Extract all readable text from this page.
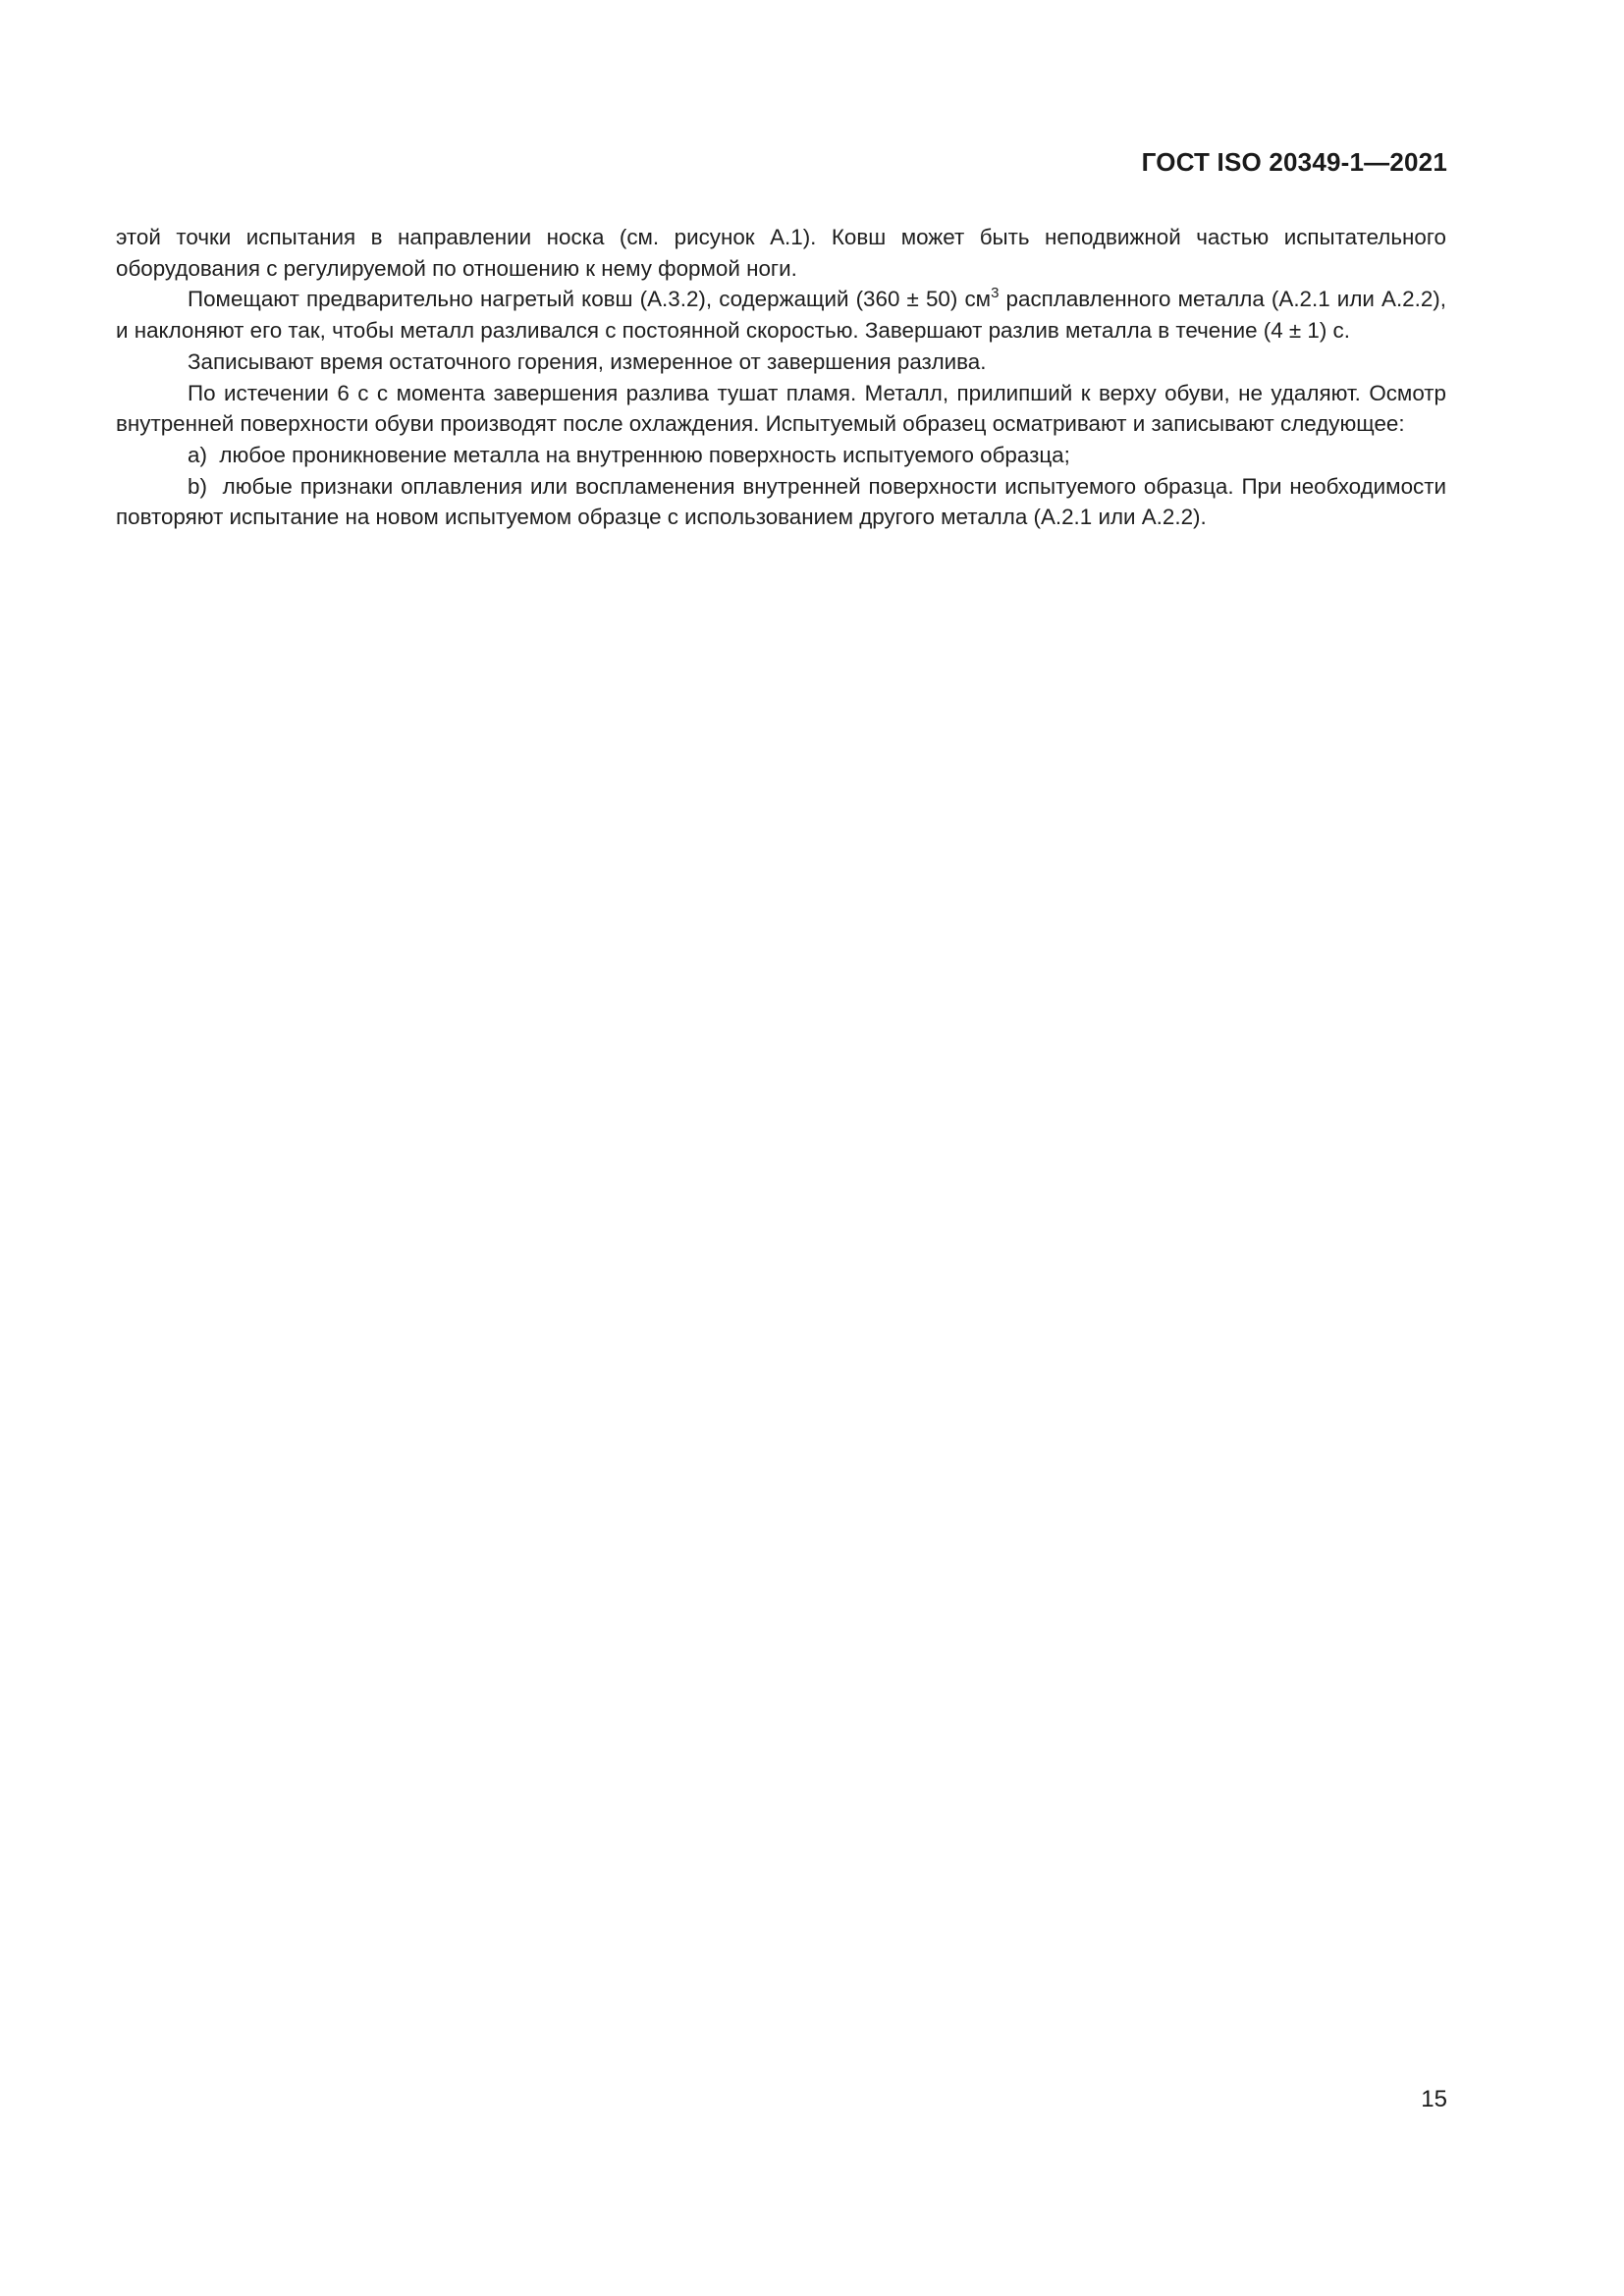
ГОСТ ISO 20349-1—2021

этой точки испытания в направлении носка (см. рисунок А.1). Ковш может быть неподвижной частью испытательного оборудования с регулируемой по отношению к нему формой ноги.

Помещают предварительно нагретый ковш (А.3.2), содержащий (360 ± 50) $см^3$ расплавленного металла (А.2.1 или А.2.2), и наклоняют его так, чтобы металл разливался с постоянной скоростью. Завершают разлив металла в течение (4 ± 1) с.

Записывают время остаточного горения, измеренное от завершения разлива.

По истечении 6 с с момента завершения разлива тушат пламя. Металл, прилипший к верху обуви, не удаляют. Осмотр внутренней поверхности обуви производят после охлаждения. Испытуемый образец осматривают и записывают следующее:

a) любое проникновение металла на внутреннюю поверхность испытуемого образца;

b) любые признаки оплавления или воспламенения внутренней поверхности испытуемого образца. При необходимости повторяют испытание на новом испытуемом образце с использованием другого металла (А.2.1 или А.2.2).

15
